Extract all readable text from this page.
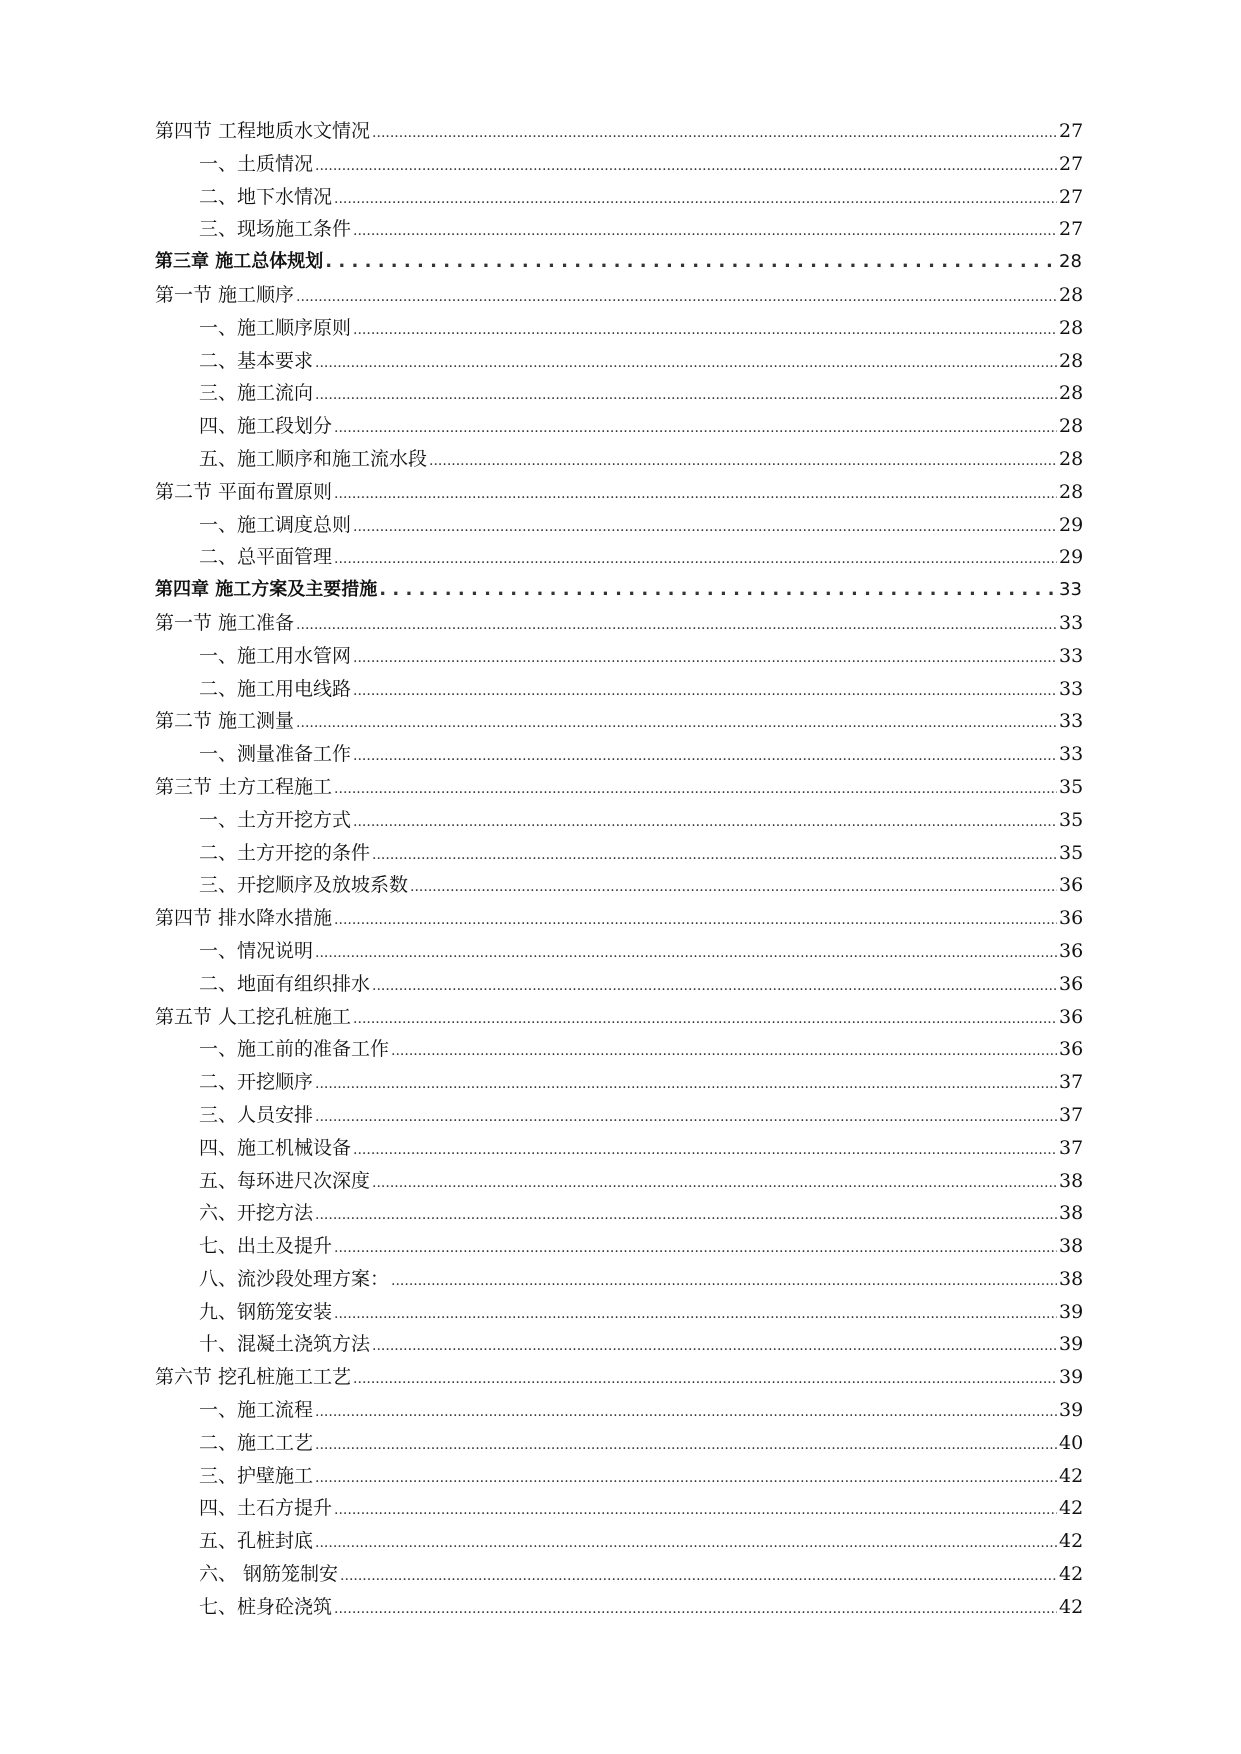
第四节 工程地质水文情况 .....	27
一、土质情况 .....	27
二、地下水情况 .....	27
三、现场施工条件 .....	27
第三章 施工总体规划 . . .	28
第一节 施工顺序 .....	28
一、施工顺序原则 .....	28
二、基本要求 .....	28
三、施工流向 .....	28
四、施工段划分 .....	28
五、施工顺序和施工流水段 .....	28
第二节 平面布置原则 .....	28
一、施工调度总则 .....	29
二、总平面管理 .....	29
第四章 施工方案及主要措施 . . .	33
第一节 施工准备 .....	33
一、施工用水管网 .....	33
二、施工用电线路 .....	33
第二节 施工测量 .....	33
一、测量准备工作 .....	33
第三节 土方工程施工 .....	35
一、土方开挖方式 .....	35
二、土方开挖的条件 .....	35
三、开挖顺序及放坡系数 .....	36
第四节 排水降水措施 .....	36
一、情况说明 .....	36
二、地面有组织排水 .....	36
第五节 人工挖孔桩施工 .....	36
一、施工前的准备工作 .....	36
二、开挖顺序 .....	37
三、人员安排 .....	37
四、施工机械设备 .....	37
五、每环进尺次深度 .....	38
六、开挖方法 .....	38
七、出土及提升 .....	38
八、流沙段处理方案： .....	38
九、钢筋笼安装 .....	39
十、混凝土浇筑方法 .....	39
第六节 挖孔桩施工工艺 .....	39
一、施工流程 .....	39
二、施工工艺 .....	40
三、护壁施工 .....	42
四、土石方提升 .....	42
五、孔桩封底 .....	42
六、 钢筋笼制安 .....	42
七、桩身砼浇筑 .....	42
